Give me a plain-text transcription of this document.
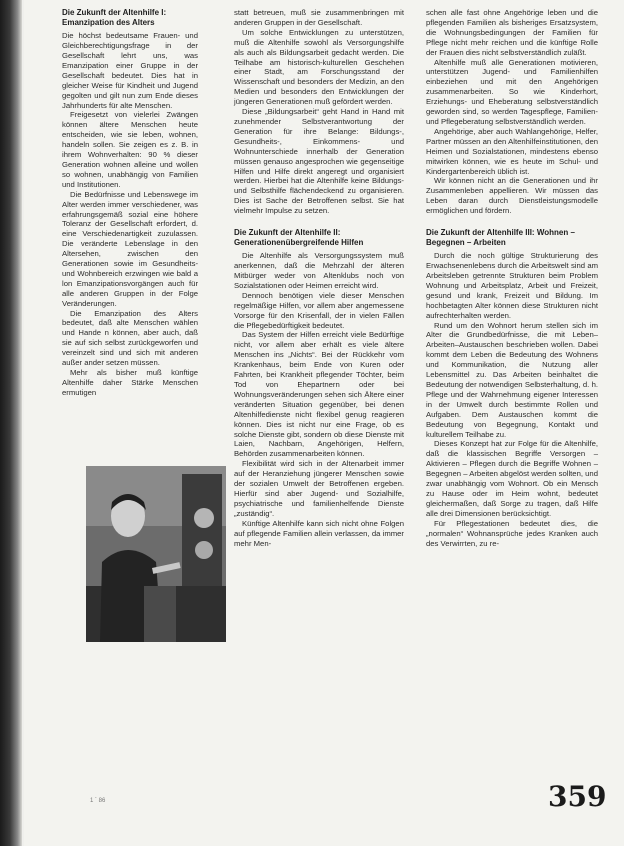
Die Zukunft der Altenhilfe I: Emanzipation des Alters

Die höchst bedeutsame Frauen- und Gleichberechtigungsfrage in der Gesellschaft lehrt uns, was Emanzipation einer Gruppe in der Gesellschaft bedeutet. Dies hat in gleicher Weise für Kindheit und Jugend gegolten und gilt nun zum Ende dieses Jahrhunderts für alte Menschen.

Freigesetzt von vielerlei Zwängen können ältere Menschen heute entscheiden, wie sie leben, wohnen, handeln sollen. Sie zeigen es z. B. in ihrem Wohnverhalten: 90 % dieser Generation wohnen alleine und wollen so wohnen, unabhängig von Familien und Institutionen.

Die Bedürfnisse und Lebenswege im Alter werden immer verschiedener, was erfahrungsgemäß sozial eine höhere Toleranz der Gesellschaft erfordert, d. eine Verschiedenartigkeit zuzulassen. Die veränderte Lebenslage in den Altersehen, zwischen den Generationen sowie im Gesundheits- und Wohnbereich erzwingen wie bald a lon Emanzipationsvorgängen auch für alle anderen Gruppen in der Folge Veränderungen.

Die Emanzipation des Alters bedeutet, daß alte Menschen wählen und Hande n können, aber auch, daß sie auf sich selbst zurückgeworfen und vereinzelt sind und sich mit anderen außer ander setzen müssen.

Mehr als bisher muß künftige Altenhilfe daher Stärke Menschen ermutigen

statt betreuen, muß sie zusammenbringen mit anderen Gruppen in der Gesellschaft.

Um solche Entwicklungen zu unterstützen, muß die Altenhilfe sowohl als Versorgungshilfe als auch als Bildungsarbeit gedacht werden. Die Teilhabe am historisch-kulturellen Geschehen einer Stadt, am Forschungsstand der Wissenschaft und besonders der Medizin, an den Medien und besonders den Entwicklungen der jüngeren Generationen muß gefördert werden.

Diese „Bildungsarbeit“ geht Hand in Hand mit zunehmender Selbstverantwortung der Generation für ihre Belange: Bildungs-, Gesundheits-, Einkommens- und Wohnunterschiede innerhalb der Generation müssen genauso angesprochen wie gegenseitige Hilfen und Hilfe direkt angeregt und organisiert werden. Hierbei hat die Altenhilfe keine Bildungs- und Selbsthilfe flächendeckend zu organisieren. Dies ist Sache der Betroffenen selbst. Sie hat vielmehr Impulse zu setzen.

Die Zukunft der Altenhilfe II: Generationenübergreifende Hilfen

Die Altenhilfe als Versorgungssystem muß anerkennen, daß die Mehrzahl der älteren Mitbürger weder von Altenklubs noch von Sozialstationen oder Heimen erreicht wird.

Dennoch benötigen viele dieser Menschen regelmäßige Hilfen, vor allem aber angemessene Vorsorge für den Krisenfall, der in vielen Fällen die Pflegebedürftigkeit bedeutet.

Das System der Hilfen erreicht viele Bedürftige nicht, vor allem aber erhält es viele ältere Menschen ins „Nichts“. Bei der Rückkehr vom Krankenhaus, beim Ende von Kuren oder Fahrten, bei Krankheit pflegender Töchter, beim Tod von Ehepartnern oder bei Wohnungsveränderungen sehen sich Ältere einer veränderten Situation gegenüber, bei denen Altenhilfedienste nicht flexibel genug reagieren können. Dies ist nicht nur eine Frage, ob es solche Dienste gibt, sondern ob diese Dienste mit Laien, Nachbarn, Angehörigen, Helfern, Behörden zusammenarbeiten können.

Flexibilität wird sich in der Altenarbeit immer auf der Heranziehung jüngerer Menschen sowie der sozialen Umwelt der Betroffenen ergeben. Hierfür sind aber Jugend- und Sozialhilfe, psychiatrische und familienhelfende Dienste „zuständig“.

Künftige Altenhilfe kann sich nicht ohne Folgen auf pflegende Familien allein verlassen, da immer mehr Men-

schen alle fast ohne Angehörige leben und die pflegenden Familien als bisheriges Ersatzsystem, die Wohnungsbedingungen der Familien für Pflege nicht mehr reichen und die künftige Rolle der Frauen dies nicht selbstverständlich zuläßt.

Altenhilfe muß alle Generationen motivieren, unterstützen Jugend- und Familienhilfen einbeziehen und mit den Angehörigen zusammenarbeiten. So wie Kinderhort, Erziehungs- und Eheberatung selbstverständlich geworden sind, so werden Tagespflege, Familien- und Pflegeberatung selbstverständlich werden.

Angehörige, aber auch Wahlangehörige, Helfer, Partner müssen an den Altenhilfeinstitutionen, den Heimen und Sozialstationen, mindestens ebenso mitwirken können, wie es heute im Schul- und Kindergartenbereich üblich ist.

Wir können nicht an die Generationen und ihr Zusammenleben appellieren. Wir müssen das Leben daran durch Dienstleistungsmodelle ermöglichen und fördern.

Die Zukunft der Altenhilfe III: Wohnen – Begegnen – Arbeiten

Durch die noch gültige Strukturierung des Erwachsenenlebens durch die Arbeitswelt sind am Arbeitsleben getrennte Strukturen beim Problem Wohnung und Arbeitsplatz, Arbeit und Freizeit, gesund und krank, Freizeit und Bildung. Im hochbetagten Alter können diese Strukturen nicht aufrechterhalten werden.

Rund um den Wohnort herum stellen sich im Alter die Grundbedürfnisse, die mit Leben–Arbeiten–Austauschen beschrieben wollen. Dabei kommt dem Leben die Bedeutung des Wohnens und Kommunikation, die Nutzung aller Lebensmittel zu. Das Arbeiten beinhaltet die Bedeutung der notwendigen Selbsterhaltung, d. h. Pflege und der Wahrnehmung eigener Interessen in der Umwelt durch bestimmte Rollen und Aufgaben. Dem Austauschen kommt die Bedeutung von Begegnung, Kontakt und kulturellem Teilhabe zu.

Dieses Konzept hat zur Folge für die Altenhilfe, daß die klassischen Begriffe Versorgen – Aktivieren – Pflegen durch die Begriffe Wohnen – Begegnen – Arbeiten abgelöst werden sollten, und zwar unabhängig vom Wohnort. Ob ein Mensch zu Hause oder im Heim wohnt, bedeutet gleichermaßen, daß Sorge zu tragen, daß Hilfe alle drei Dimensionen berücksichtigt.

Für Pflegestationen bedeutet dies, die „normalen“ Wohnansprüche jedes Kranken auch des Verwirrten, zu re-

1 ´ 86	359
